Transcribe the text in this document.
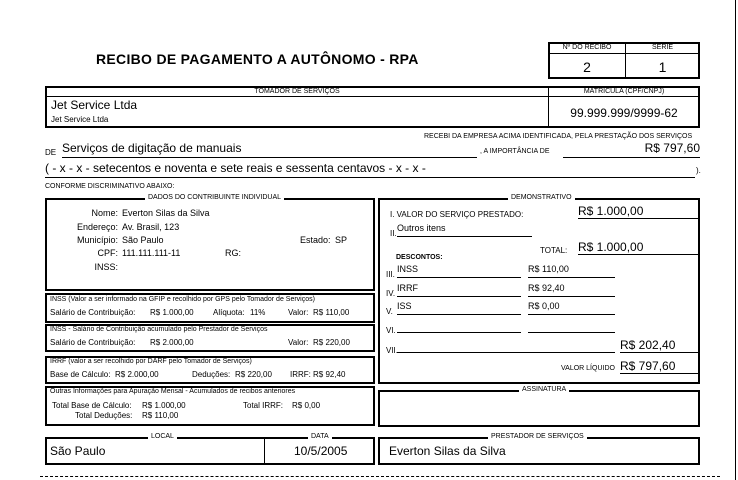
RECIBO DE PAGAMENTO A AUTÔNOMO - RPA
Nº DO RECIBO	SÉRIE
2	1
TOMADOR DE SERVIÇOS	MATRÍCULA (CPF/CNPJ)
Jet Service Ltda
Jet Service Ltda	99.999.999/9999-62
RECEBI DA EMPRESA ACIMA IDENTIFICADA, PELA PRESTAÇÃO DOS SERVIÇOS
DE Serviços de digitação de manuais	, A IMPORTÂNCIA DE	R$ 797,60
( - x - x - setecentos e noventa e sete reais e sessenta centavos - x - x -	).
CONFORME DISCRIMINATIVO ABAIXO:
DADOS DO CONTRIBUINTE INDIVIDUAL
Nome: Everton Silas da Silva
Endereço: Av. Brasil, 123
Município: São Paulo	Estado: SP
CPF: 111.111.111-11	RG:
INSS:
INSS (Valor a ser informado na GFIP e recolhido por GPS pelo Tomador de Serviços)
Salário de Contribuição: R$ 1.000,00 Alíquota: 11%	Valor: R$ 110,00
INSS - Salário de Contribuição acumulado pelo Prestador de Serviços
Salário de Contribuição: R$ 2.000,00	Valor: R$ 220,00
IRRF (valor a ser recolhido por DARF pelo Tomador de Serviços)
Base de Cálculo: R$ 2.000,00	Deduções: R$ 220,00 IRRF: R$ 92,40
Outras Informações para Apuração Mensal - Acumulados de recibos anteriores
Total Base de Cálculo: R$ 1.000,00	Total IRRF: R$ 0,00
Total Deduções: R$ 110,00
DEMONSTRATIVO
I. VALOR DO SERVIÇO PRESTADO:	R$ 1.000,00
II.
Outros itens
TOTAL: R$ 1.000,00
DESCONTOS:
III.
INSS	R$ 110,00
IV.
IRRF	R$ 92,40
V.
ISS	R$ 0,00
VI.
VII.	R$ 202,40
VALOR LÍQUIDO R$ 797,60
ASSINATURA
LOCAL	DATA
São Paulo	10/5/2005
PRESTADOR DE SERVIÇOS
Everton Silas da Silva
